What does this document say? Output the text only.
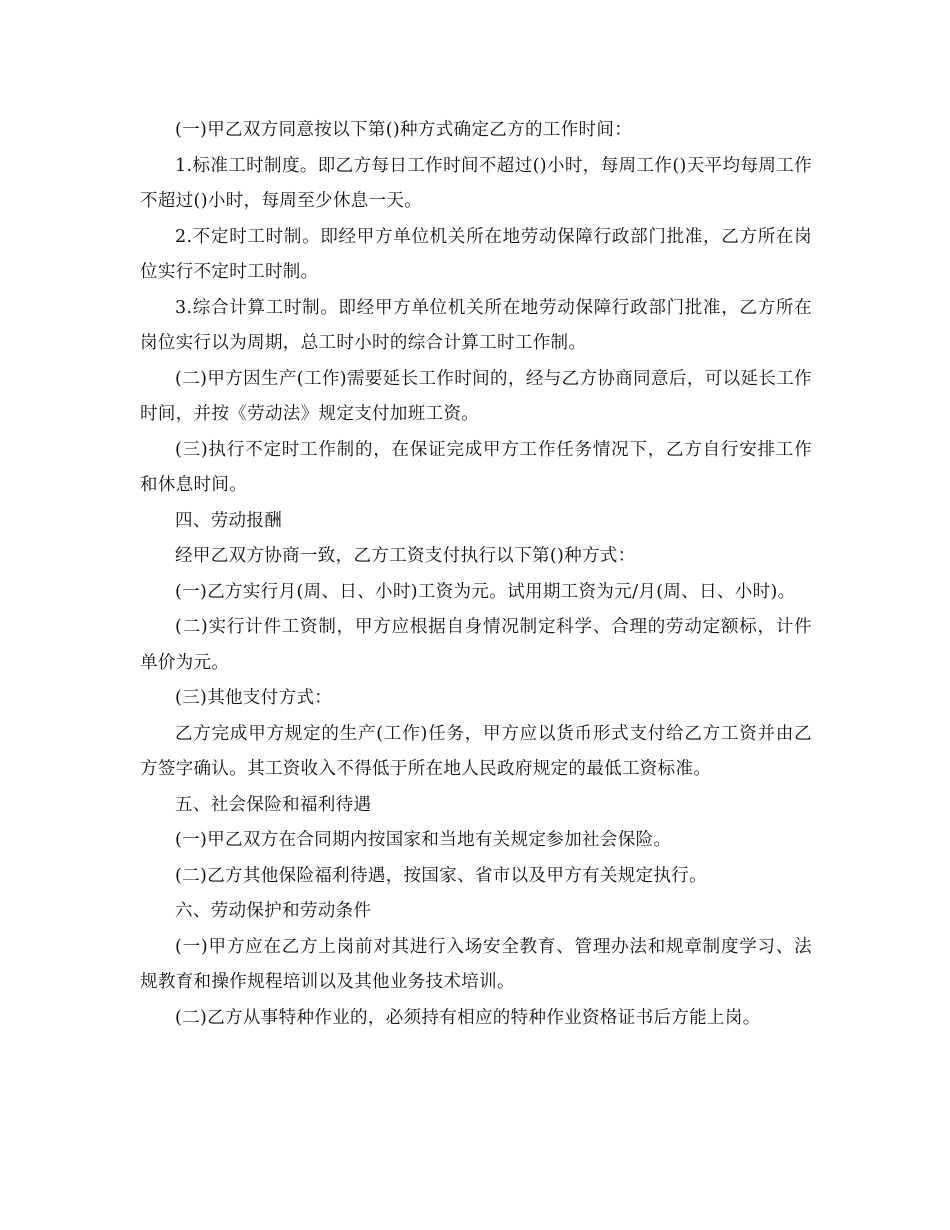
(一)甲乙双方同意按以下第()种方式确定乙方的工作时间：

1.标准工时制度。即乙方每日工作时间不超过()小时，每周工作()天平均每周工作不超过()小时，每周至少休息一天。

2.不定时工时制。即经甲方单位机关所在地劳动保障行政部门批准，乙方所在岗位实行不定时工时制。

3.综合计算工时制。即经甲方单位机关所在地劳动保障行政部门批准，乙方所在岗位实行以为周期，总工时小时的综合计算工时工作制。

(二)甲方因生产(工作)需要延长工作时间的，经与乙方协商同意后，可以延长工作时间，并按《劳动法》规定支付加班工资。

(三)执行不定时工作制的，在保证完成甲方工作任务情况下，乙方自行安排工作和休息时间。

四、劳动报酬

经甲乙双方协商一致，乙方工资支付执行以下第()种方式：

(一)乙方实行月(周、日、小时)工资为元。试用期工资为元/月(周、日、小时)。

(二)实行计件工资制，甲方应根据自身情况制定科学、合理的劳动定额标，计件单价为元。

(三)其他支付方式：

乙方完成甲方规定的生产(工作)任务，甲方应以货币形式支付给乙方工资并由乙方签字确认。其工资收入不得低于所在地人民政府规定的最低工资标准。

五、社会保险和福利待遇

(一)甲乙双方在合同期内按国家和当地有关规定参加社会保险。

(二)乙方其他保险福利待遇，按国家、省市以及甲方有关规定执行。

六、劳动保护和劳动条件

(一)甲方应在乙方上岗前对其进行入场安全教育、管理办法和规章制度学习、法规教育和操作规程培训以及其他业务技术培训。

(二)乙方从事特种作业的，必须持有相应的特种作业资格证书后方能上岗。
